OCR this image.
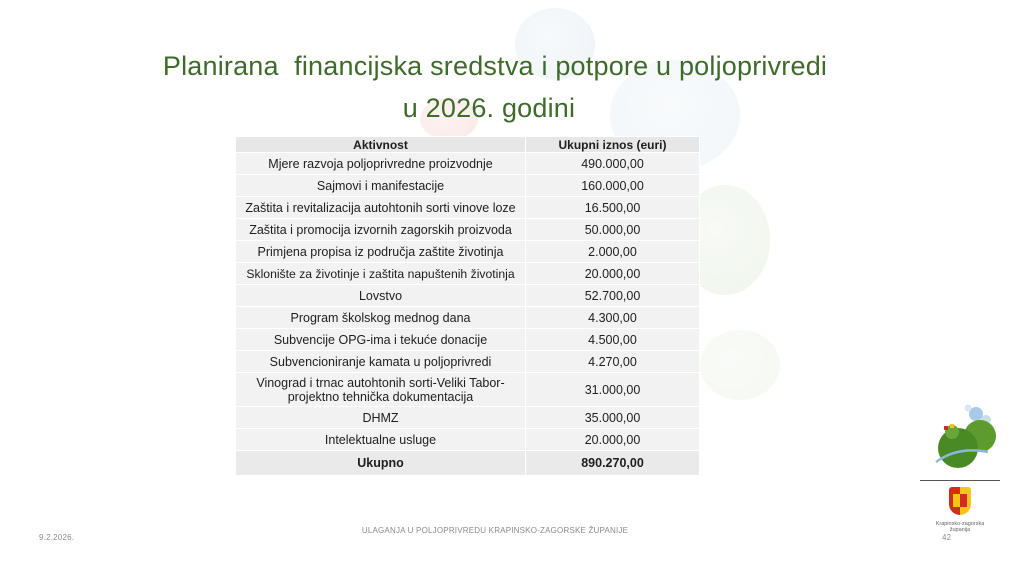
Planirana  financijska sredstva i potpore u poljoprivredi
u 2026. godini
Aktivnost	Ukupni iznos (euri)
Mjere razvoja poljoprivredne proizvodnje	490.000,00
Sajmovi i manifestacije	160.000,00
Zaštita i revitalizacija autohtonih sorti vinove loze	16.500,00
Zaštita i promocija izvornih zagorskih proizvoda	50.000,00
Primjena propisa iz područja zaštite životinja	2.000,00
Sklonište za životinje i zaštita napuštenih životinja	20.000,00
Lovstvo	52.700,00
Program školskog mednog dana	4.300,00
Subvencije OPG-ima i tekuće donacije	4.500,00
Subvencioniranje kamata u poljoprivredi	4.270,00
Vinograd i trnac autohtonih sorti-Veliki Tabor-projektno tehnička dokumentacija	31.000,00
DHMZ	35.000,00
Intelektualne usluge	20.000,00
Ukupno	890.270,00
9.2.2026.
ULAGANJA U POLJOPRIVREDU KRAPINSKO-ZAGORSKE ŽUPANIJE
42
Krapinsko-zagorska županija
